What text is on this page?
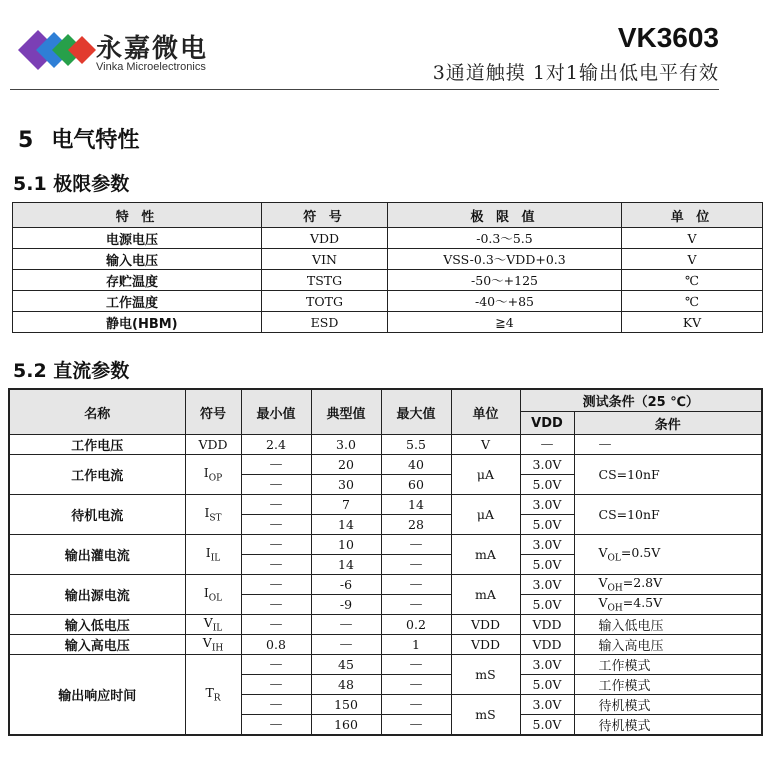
永嘉微电
Vinka Microelectronics
VK3603
3通道触摸 1对1输出低电平有效
5 电气特性
5.1 极限参数
特 性	符 号	极 限 值	单 位
电源电压	VDD	-0.3～5.5	V
输入电压	VIN	VSS-0.3～VDD+0.3	V
存贮温度	TSTG	-50～+125	℃
工作温度	TOTG	-40～+85	℃
静电(HBM)	ESD	≧4	KV
5.2 直流参数
名称	符号	最小值	典型值	最大值	单位	测试条件（25 ℃）	
						VDD	条件
工作电压	VDD	2.4	3.0	5.5	V	—	—
工作电流	$I_{OP}$	—	20	40	μA	3.0V	CS=10nF
		—	30	60		5.0V	
待机电流	$I_{ST}$	—	7	14	μA	3.0V	CS=10nF
		—	14	28		5.0V	
输出灌电流	$I_{IL}$	—	10	—	mA	3.0V	$V_{OL}=0.5V$
		—	14	—		5.0V	
输出源电流	$I_{OL}$	—	-6	—	mA	3.0V	$V_{OH}=2.8V$
		—	-9	—		5.0V	$V_{OH}=4.5V$
输入低电压	$V_{IL}$	—	—	0.2	VDD	VDD	输入低电压
输入高电压	$V_{IH}$	0.8	—	1	VDD	VDD	输入高电压
输出响应时间	$T_R$	—	45	—	mS	3.0V	工作模式
		—	48	—		5.0V	工作模式
		—	150	—	mS	3.0V	待机模式
		—	160	—		5.0V	待机模式
